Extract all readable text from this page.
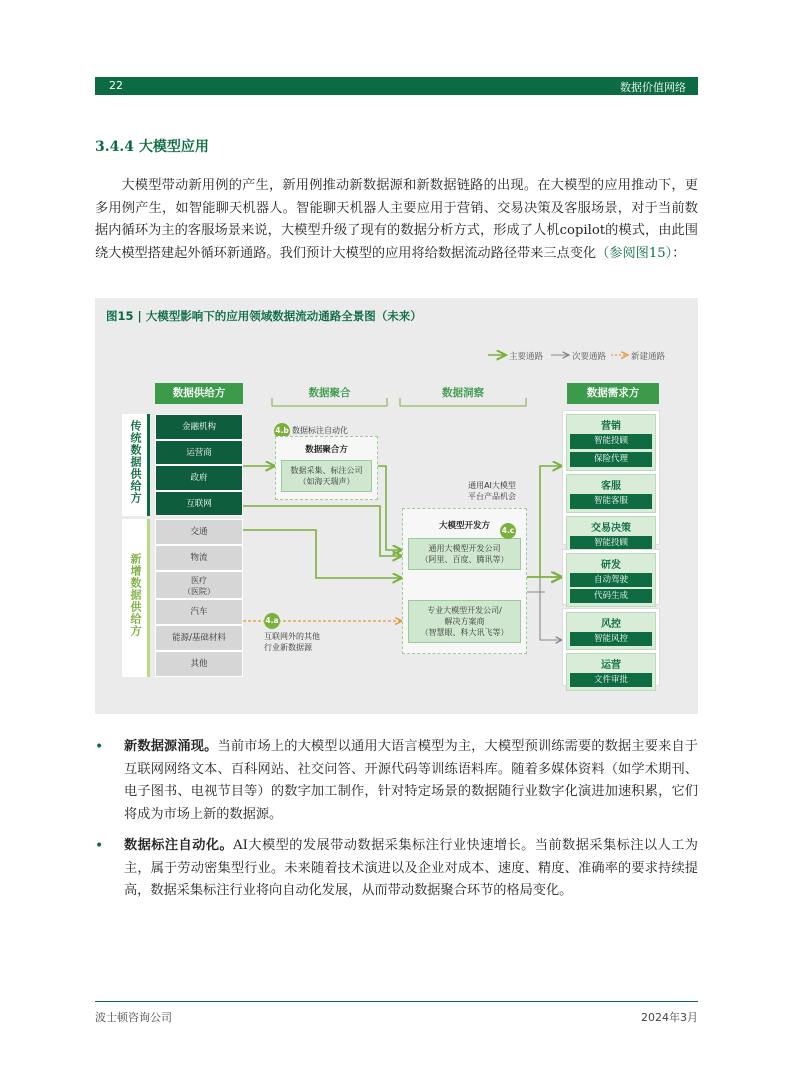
22	数据价值网络
3.4.4 大模型应用
大模型带动新用例的产生，新用例推动新数据源和新数据链路的出现。在大模型的应用推动下，更多用例产生，如智能聊天机器人。智能聊天机器人主要应用于营销、交易决策及客服场景，对于当前数据内循环为主的客服场景来说，大模型升级了现有的数据分析方式，形成了人机copilot的模式，由此围绕大模型搭建起外循环新通路。我们预计大模型的应用将给数据流动路径带来三点变化（参阅图15）：
图15 | 大模型影响下的应用领域数据流动通路全景图（未来）
主要通路	次要通路	新建通路
数据供给方	数据聚合	数据洞察	数据需求方
传统数据供给方
新增数据供给方
金融机构
运营商
政府
互联网
交通
物流
医疗
（医院）
汽车
能源/基础材料
其他
4.b 数据标注自动化
数据聚合方
数据采集、标注公司
（如海天瑞声）
4.a
互联网外的其他
行业新数据源
通用AI大模型
平台产品机会
大模型开发方
通用大模型开发公司
（阿里、百度、腾讯等）
专业大模型开发公司/
解决方案商
（智慧眼、科大讯飞等）
4.c
营销
智能投顾
保险代理
客服
智能客服
交易决策
智能投顾
研发
自动驾驶
代码生成
风控
智能风控
运营
文件审批
• 新数据源涌现。当前市场上的大模型以通用大语言模型为主，大模型预训练需要的数据主要来自于互联网网络文本、百科网站、社交问答、开源代码等训练语料库。随着多媒体资料（如学术期刊、电子图书、电视节目等）的数字加工制作，针对特定场景的数据随行业数字化演进加速积累，它们将成为市场上新的数据源。
• 数据标注自动化。AI大模型的发展带动数据采集标注行业快速增长。当前数据采集标注以人工为主，属于劳动密集型行业。未来随着技术演进以及企业对成本、速度、精度、准确率的要求持续提高，数据采集标注行业将向自动化发展，从而带动数据聚合环节的格局变化。
波士顿咨询公司	2024年3月
